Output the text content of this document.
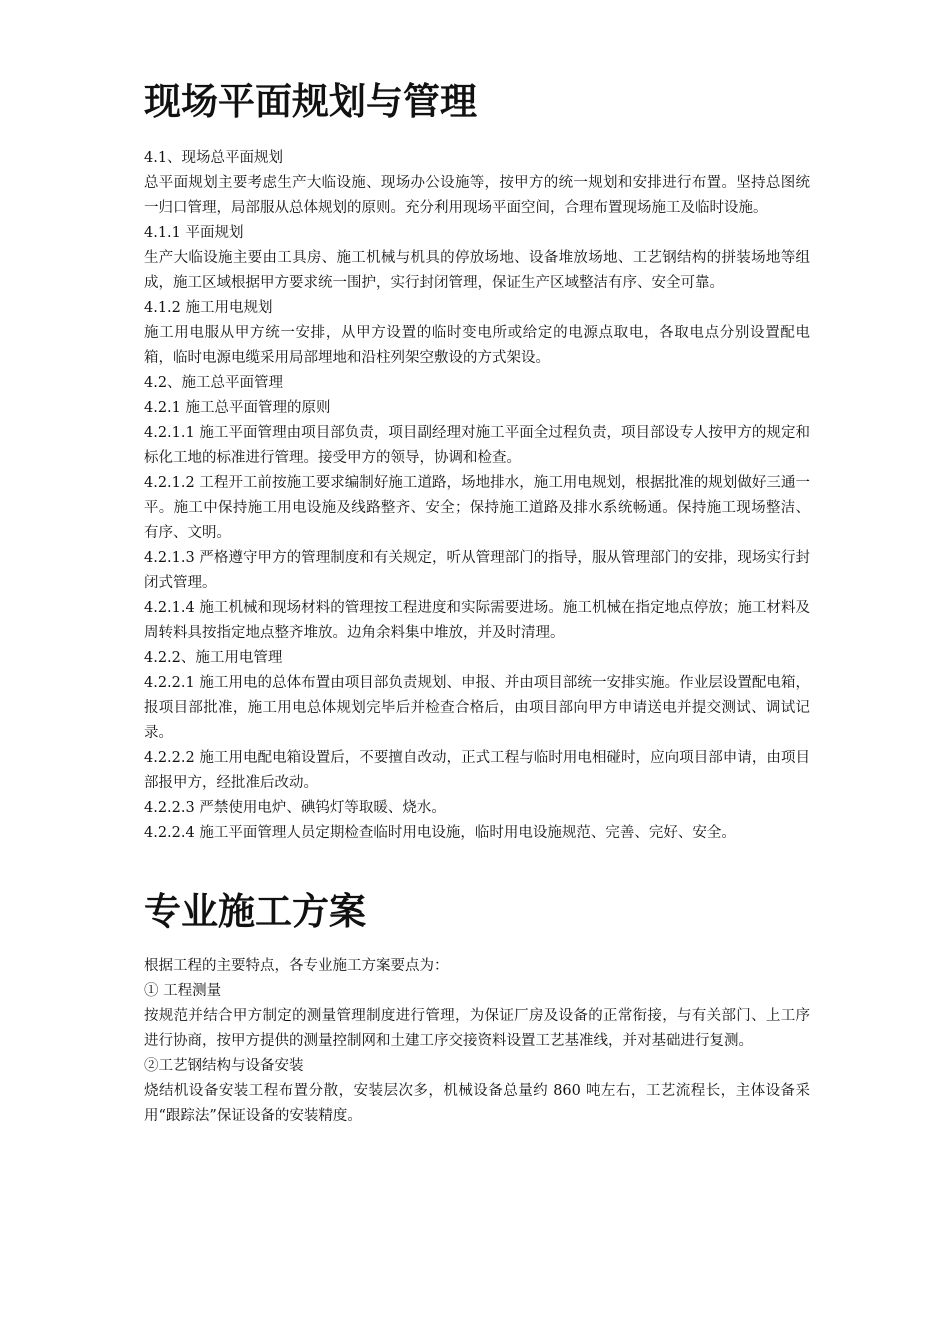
现场平面规划与管理

4.1、现场总平面规划

总平面规划主要考虑生产大临设施、现场办公设施等，按甲方的统一规划和安排进行布置。坚持总图统一归口管理，局部服从总体规划的原则。充分利用现场平面空间，合理布置现场施工及临时设施。

4.1.1 平面规划

生产大临设施主要由工具房、施工机械与机具的停放场地、设备堆放场地、工艺钢结构的拼装场地等组成，施工区域根据甲方要求统一围护，实行封闭管理，保证生产区域整洁有序、安全可靠。

4.1.2 施工用电规划

施工用电服从甲方统一安排，从甲方设置的临时变电所或给定的电源点取电，各取电点分别设置配电箱，临时电源电缆采用局部埋地和沿柱列架空敷设的方式架设。

4.2、施工总平面管理

4.2.1 施工总平面管理的原则

4.2.1.1 施工平面管理由项目部负责，项目副经理对施工平面全过程负责，项目部设专人按甲方的规定和标化工地的标准进行管理。接受甲方的领导，协调和检查。

4.2.1.2 工程开工前按施工要求编制好施工道路，场地排水，施工用电规划，根据批准的规划做好三通一平。施工中保持施工用电设施及线路整齐、安全；保持施工道路及排水系统畅通。保持施工现场整洁、有序、文明。

4.2.1.3 严格遵守甲方的管理制度和有关规定，听从管理部门的指导，服从管理部门的安排，现场实行封闭式管理。

4.2.1.4 施工机械和现场材料的管理按工程进度和实际需要进场。施工机械在指定地点停放；施工材料及周转料具按指定地点整齐堆放。边角余料集中堆放，并及时清理。

4.2.2、施工用电管理

4.2.2.1 施工用电的总体布置由项目部负责规划、申报、并由项目部统一安排实施。作业层设置配电箱，报项目部批准，施工用电总体规划完毕后并检查合格后，由项目部向甲方申请送电并提交测试、调试记录。

4.2.2.2 施工用电配电箱设置后，不要擅自改动，正式工程与临时用电相碰时，应向项目部申请，由项目部报甲方，经批准后改动。

4.2.2.3 严禁使用电炉、碘钨灯等取暖、烧水。

4.2.2.4 施工平面管理人员定期检查临时用电设施，临时用电设施规范、完善、完好、安全。

专业施工方案

根据工程的主要特点，各专业施工方案要点为：

① 工程测量

按规范并结合甲方制定的测量管理制度进行管理，为保证厂房及设备的正常衔接，与有关部门、上工序进行协商，按甲方提供的测量控制网和土建工序交接资料设置工艺基准线，并对基础进行复测。

②工艺钢结构与设备安装

烧结机设备安装工程布置分散，安装层次多，机械设备总量约 860 吨左右，工艺流程长，主体设备采用“跟踪法”保证设备的安装精度。
